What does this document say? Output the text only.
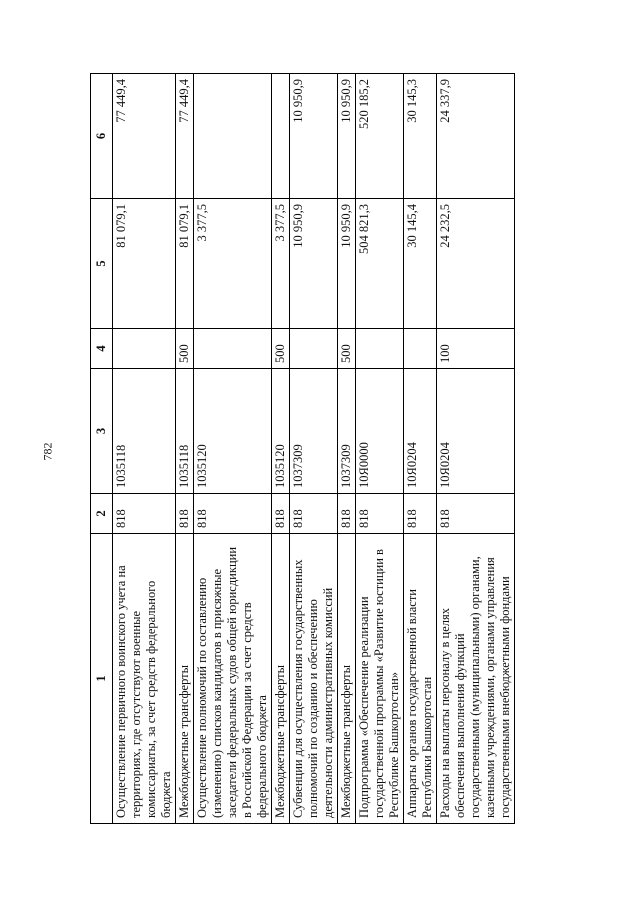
782
1	2	3	4	5	6
Осуществление первичного воинского учета на территориях, где отсутствуют военные комиссариаты, за счет средств федерального бюджета	818	1035118		81 079,1	77 449,4
Межбюджетные трансферты	818	1035118	500	81 079,1	77 449,4
Осуществление полномочий по составлению (изменению) списков кандидатов в присяжные заседатели федеральных судов общей юрисдикции в Российской Федерации за счет средств федерального бюджета	818	1035120		3 377,5	
Межбюджетные трансферты	818	1035120	500	3 377,5	
Субвенции для осуществления государственных полномочий по созданию и обеспечению деятельности административных комиссий	818	1037309		10 950,9	10 950,9
Межбюджетные трансферты	818	1037309	500	10 950,9	10 950,9
Подпрограмма «Обеспечение реализации государственной программы «Развитие юстиции в Республике Башкортостан»	818	10Я0000		504 821,3	520 185,2
Аппараты органов государственной власти Республики Башкортостан	818	10Я0204		30 145,4	30 145,3
Расходы на выплаты персоналу в целях обеспечения выполнения функций государственными (муниципальными) органами, казенными учреждениями, органами управления государственными внебюджетными фондами	818	10Я0204	100	24 232,5	24 337,9
